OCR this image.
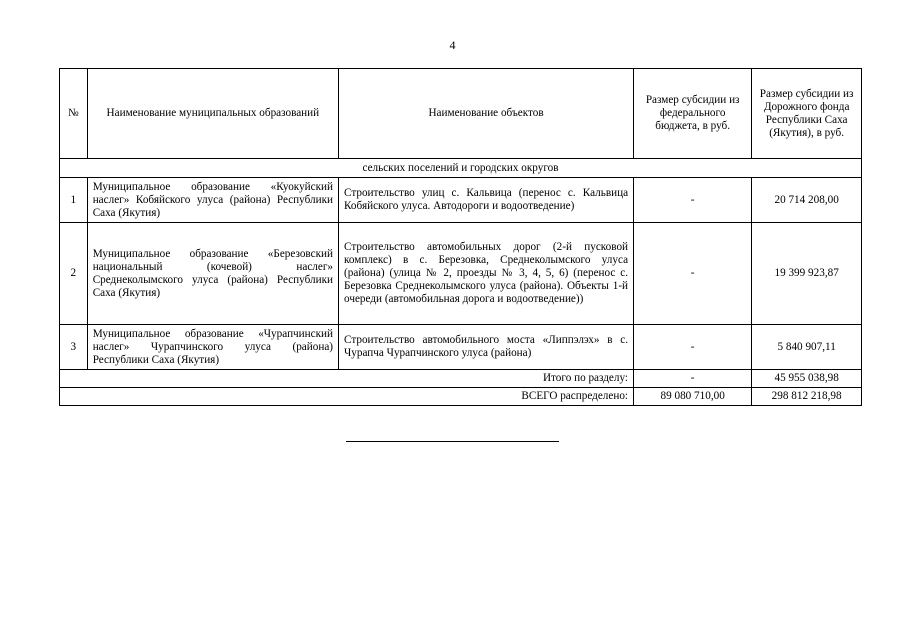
4
№	Наименование муниципальных образований	Наименование объектов	Размер субсидии из федерального бюджета, в руб.	Размер субсидии из Дорожного фонда Республики Саха (Якутия), в руб.
сельских поселений и городских округов				
1	Муниципальное образование «Куокуйский наслег» Кобяйского улуса (района) Республики Саха (Якутия)	Строительство улиц с. Кальвица (перенос с. Кальвица Кобяйского улуса. Автодороги и водоотведение)	-	20 714 208,00
2	Муниципальное образование «Березовский национальный (кочевой) наслег» Среднеколымского улуса (района) Республики Саха (Якутия)	Строительство автомобильных дорог (2-й пусковой комплекс) в с. Березовка, Среднеколымского улуса (района) (улица № 2, проезды № 3, 4, 5, 6) (перенос с. Березовка Среднеколымского улуса (района). Объекты 1-й очереди (автомобильная дорога и водоотведение))	-	19 399 923,87
3	Муниципальное образование «Чурапчинский наслег» Чурапчинского улуса (района) Республики Саха (Якутия)	Строительство автомобильного моста «Липпэлэх» в с. Чурапча Чурапчинского улуса (района)	-	5 840 907,11
Итого по разделу:			-	45 955 038,98
ВСЕГО распределено:			89 080 710,00	298 812 218,98
